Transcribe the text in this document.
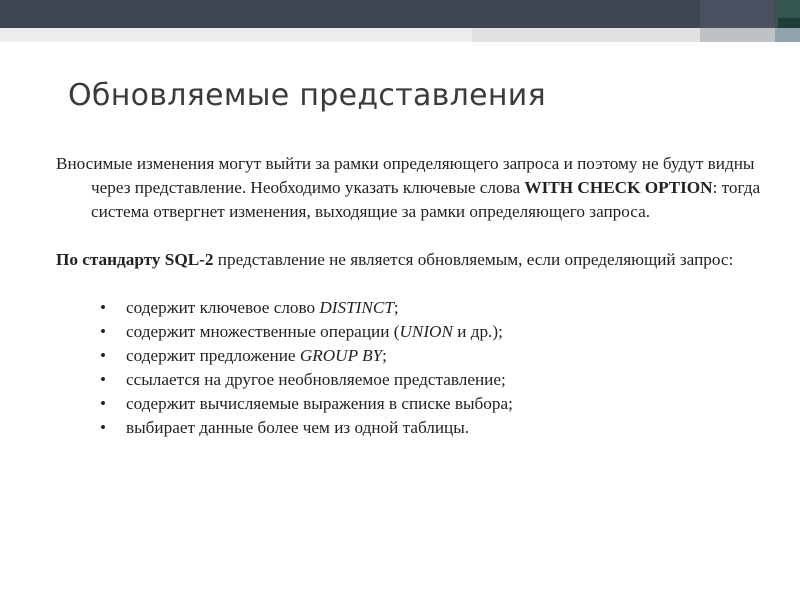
Обновляемые представления

Вносимые изменения могут выйти за рамки определяющего запроса и поэтому не будут видны через представление. Необходимо указать ключевые слова WITH CHECK OPTION: тогда система отвергнет изменения, выходящие за рамки определяющего запроса.

По стандарту SQL-2 представление не является обновляемым, если определяющий запрос:

• содержит ключевое слово DISTINCT;
• содержит множественные операции (UNION и др.);
• содержит предложение GROUP BY;
• ссылается на другое необновляемое представление;
• содержит вычисляемые выражения в списке выбора;
• выбирает данные более чем из одной таблицы.
